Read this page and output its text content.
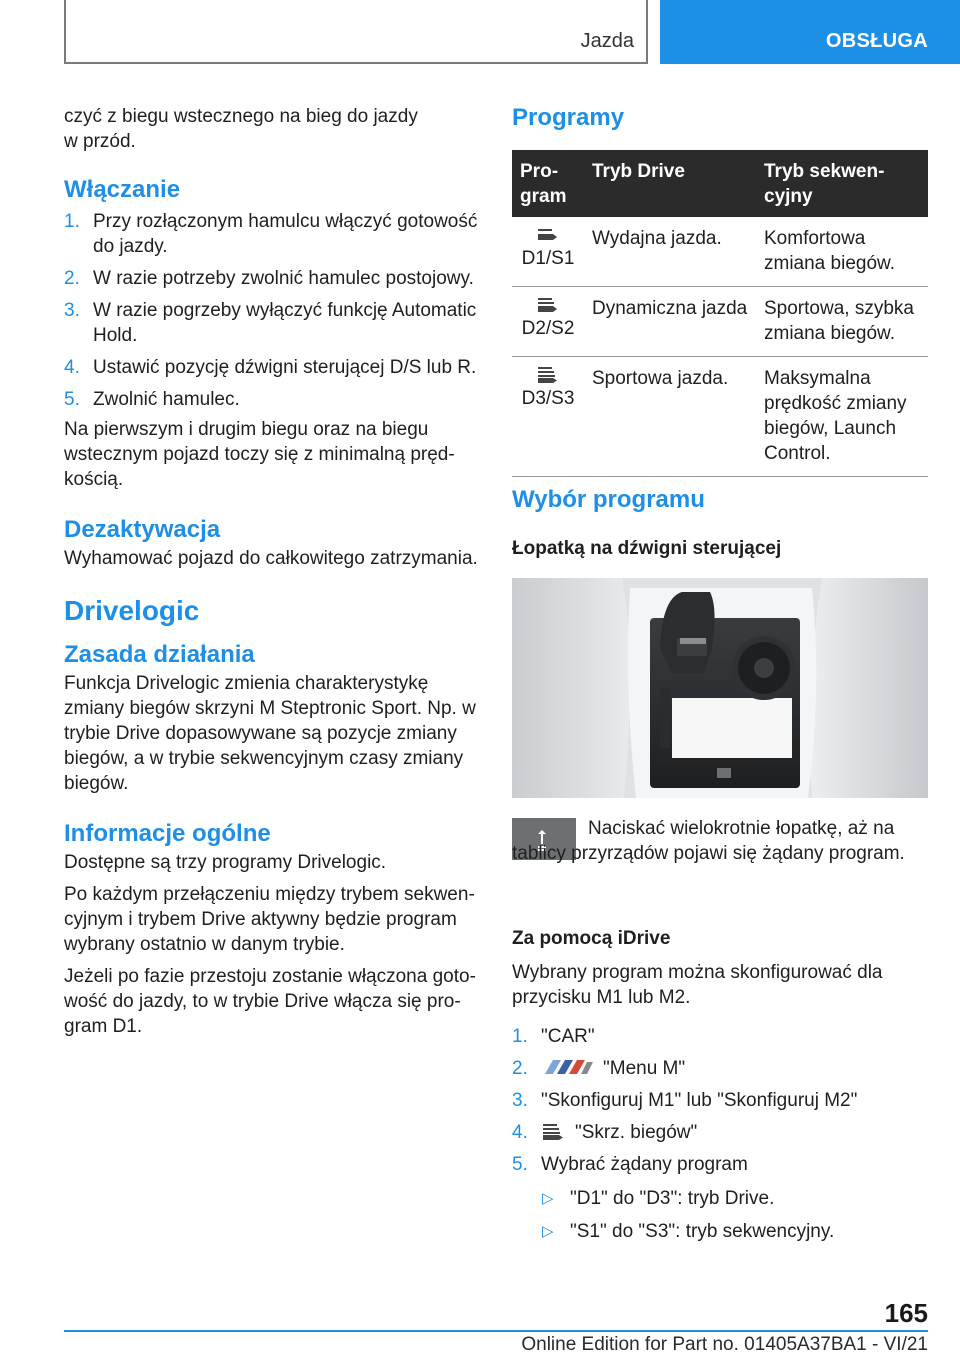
Jazda	OBSŁUGA

czyć z biegu wstecznego na bieg do jazdy

w przód.

Włączanie
1. Przy rozłączonym hamulcu włączyć gotowość do jazdy.
2. W razie potrzeby zwolnić hamulec postojowy.
3. W razie pogrzeby wyłączyć funkcję Automatic Hold.
4. Ustawić pozycję dźwigni sterującej D/S lub R.
5. Zwolnić hamulec.

Na pierwszym i drugim biegu oraz na biegu wstecznym pojazd toczy się z minimalną prędkością.

Dezaktywacja

Wyhamować pojazd do całkowitego zatrzymania.

Drivelogic
Zasada działania

Funkcja Drivelogic zmienia charakterystykę zmiany biegów skrzyni M Steptronic Sport. Np. w trybie Drive dopasowywane są pozycje zmiany biegów, a w trybie sekwencyjnym czasy zmiany biegów.

Informacje ogólne

Dostępne są trzy programy Drivelogic.

Po każdym przełączeniu między trybem sekwencyjnym i trybem Drive aktywny będzie program wybrany ostatnio w danym trybie.

Jeżeli po fazie przestoju zostanie włączona gotowość do jazdy, to w trybie Drive włącza się program D1.

Programy
Program	Tryb Drive	Tryb sekwencyjny

D1/S1	Wydajna jazda.	Komfortowa zmiana biegów.

D2/S2	Dynamiczna jazda	Sportowa, szybka zmiana biegów.

D3/S3	Sportowa jazda.	Maksymalna prędkość zmiany biegów, Launch Control.
Wybór programu

Łopatką na dźwigni sterującej

Naciskać wielokrotnie łopatkę, aż na tablicy przyrządów pojawi się żądany program.

Za pomocą iDrive

Wybrany program można skonfigurować dla przycisku M1 lub M2.

1. "CAR"
2.	"Menu M"
3. "Skonfiguruj M1" lub "Skonfiguruj M2"
4. "Skrz. biegów"
5. Wybrać żądany program
▷ "D1" do "D3": tryb Drive.
▷ "S1" do "S3": tryb sekwencyjny.
165
Online Edition for Part no. 01405A37BA1 - VI/21
